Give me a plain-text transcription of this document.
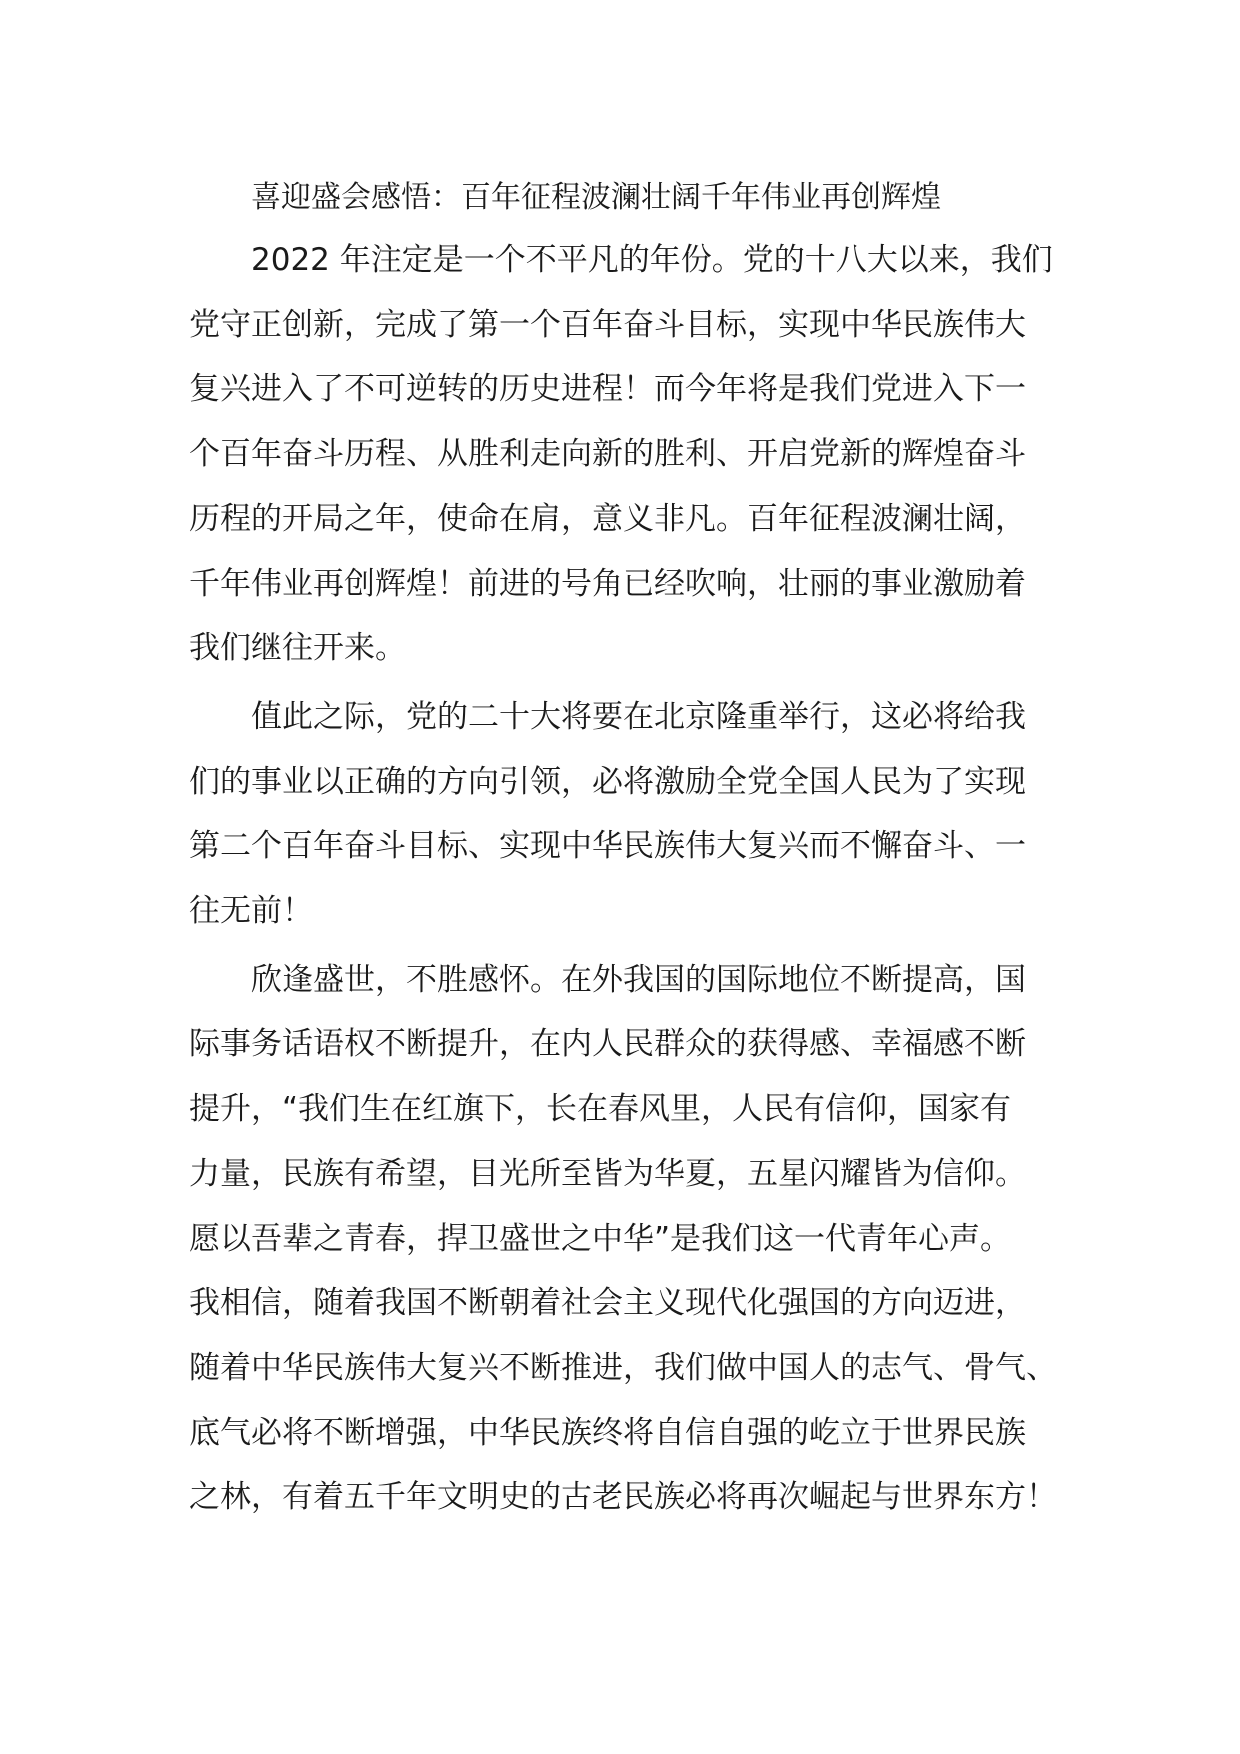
喜迎盛会感悟：百年征程波澜壮阔千年伟业再创辉煌
2022 年注定是一个不平凡的年份。党的十八大以来，我们
党守正创新，完成了第一个百年奋斗目标，实现中华民族伟大
复兴进入了不可逆转的历史进程！而今年将是我们党进入下一
个百年奋斗历程、从胜利走向新的胜利、开启党新的辉煌奋斗
历程的开局之年，使命在肩，意义非凡。百年征程波澜壮阔，
千年伟业再创辉煌！前进的号角已经吹响，壮丽的事业激励着
我们继往开来。
值此之际，党的二十大将要在北京隆重举行，这必将给我
们的事业以正确的方向引领，必将激励全党全国人民为了实现
第二个百年奋斗目标、实现中华民族伟大复兴而不懈奋斗、一
往无前！
欣逢盛世，不胜感怀。在外我国的国际地位不断提高，国
际事务话语权不断提升，在内人民群众的获得感、幸福感不断
提升，“我们生在红旗下，长在春风里，人民有信仰，国家有
力量，民族有希望，目光所至皆为华夏，五星闪耀皆为信仰。
愿以吾辈之青春，捍卫盛世之中华”是我们这一代青年心声。
我相信，随着我国不断朝着社会主义现代化强国的方向迈进，
随着中华民族伟大复兴不断推进，我们做中国人的志气、骨气、
底气必将不断增强，中华民族终将自信自强的屹立于世界民族
之林，有着五千年文明史的古老民族必将再次崛起与世界东方！
